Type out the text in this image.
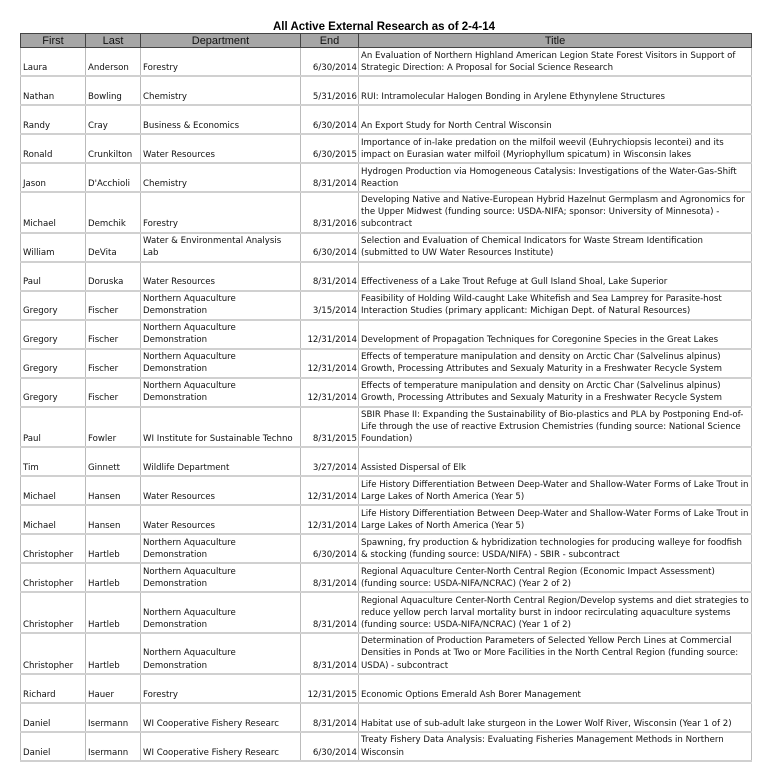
All Active External Research as of 2-4-14
First	Last	Department	End	Title
Laura	Anderson	Forestry	6/30/2014	An Evaluation of Northern Highland American Legion State Forest Visitors in Support of Strategic Direction: A Proposal for Social Science Research
Nathan	Bowling	Chemistry	5/31/2016	RUI: Intramolecular Halogen Bonding in Arylene Ethynylene Structures
Randy	Cray	Business & Economics	6/30/2014	An Export Study for North Central Wisconsin
Ronald	Crunkilton	Water Resources	6/30/2015	Importance of in-lake predation on the milfoil weevil (Euhrychiopsis lecontei) and its impact on Eurasian water milfoil (Myriophyllum spicatum) in Wisconsin lakes
Jason	D'Acchioli	Chemistry	8/31/2014	Hydrogen Production via Homogeneous Catalysis: Investigations of the Water-Gas-Shift Reaction
Michael	Demchik	Forestry	8/31/2016	Developing Native and Native-European Hybrid Hazelnut Germplasm and Agronomics for the Upper Midwest (funding source: USDA-NIFA; sponsor: University of Minnesota) - subcontract
William	DeVita	Water & Environmental Analysis Lab	6/30/2014	Selection and Evaluation of Chemical Indicators for Waste Stream Identification (submitted to UW Water Resources Institute)
Paul	Doruska	Water Resources	8/31/2014	Effectiveness of a Lake Trout Refuge at Gull Island Shoal, Lake Superior
Gregory	Fischer	Northern Aquaculture Demonstration	3/15/2014	Feasibility of Holding Wild-caught Lake Whitefish and Sea Lamprey for Parasite-host Interaction Studies (primary applicant: Michigan Dept. of Natural Resources)
Gregory	Fischer	Northern Aquaculture Demonstration	12/31/2014	Development of Propagation Techniques for Coregonine Species in the Great Lakes
Gregory	Fischer	Northern Aquaculture Demonstration	12/31/2014	Effects of temperature manipulation and density on Arctic Char (Salvelinus alpinus) Growth, Processing Attributes and Sexualy Maturity in a Freshwater Recycle System
Gregory	Fischer	Northern Aquaculture Demonstration	12/31/2014	Effects of temperature manipulation and density on Arctic Char (Salvelinus alpinus) Growth, Processing Attributes and Sexualy Maturity in a Freshwater Recycle System
Paul	Fowler	WI Institute for Sustainable Techno	8/31/2015	SBIR Phase II: Expanding the Sustainability of Bio-plastics and PLA by Postponing End-of-Life through the use of reactive Extrusion Chemistries (funding source: National Science Foundation)
Tim	Ginnett	Wildlife Department	3/27/2014	Assisted Dispersal of Elk
Michael	Hansen	Water Resources	12/31/2014	Life History Differentiation Between Deep-Water and Shallow-Water Forms of Lake Trout in Large Lakes of North America (Year 5)
Michael	Hansen	Water Resources	12/31/2014	Life History Differentiation Between Deep-Water and Shallow-Water Forms of Lake Trout in Large Lakes of North America (Year 5)
Christopher	Hartleb	Northern Aquaculture Demonstration	6/30/2014	Spawning, fry production & hybridization technologies for producing walleye for foodfish & stocking (funding source: USDA/NIFA) - SBIR - subcontract
Christopher	Hartleb	Northern Aquaculture Demonstration	8/31/2014	Regional Aquaculture Center-North Central Region (Economic Impact Assessment) (funding source: USDA-NIFA/NCRAC) (Year 2 of 2)
Christopher	Hartleb	Northern Aquaculture Demonstration	8/31/2014	Regional Aquaculture Center-North Central Region/Develop systems and diet strategies to reduce yellow perch larval mortality burst in indoor recirculating aquaculture systems (funding source: USDA-NIFA/NCRAC) (Year 1 of 2)
Christopher	Hartleb	Northern Aquaculture Demonstration	8/31/2014	Determination of Production Parameters of Selected Yellow Perch Lines at Commercial Densities in Ponds at Two or More Facilities in the North Central Region (funding source: USDA) - subcontract
Richard	Hauer	Forestry	12/31/2015	Economic Options Emerald Ash Borer Management
Daniel	Isermann	WI Cooperative Fishery Researc	8/31/2014	Habitat use of sub-adult lake sturgeon in the Lower Wolf River, Wisconsin (Year 1 of 2)
Daniel	Isermann	WI Cooperative Fishery Researc	6/30/2014	Treaty Fishery Data Analysis: Evaluating Fisheries Management Methods in Northern Wisconsin
